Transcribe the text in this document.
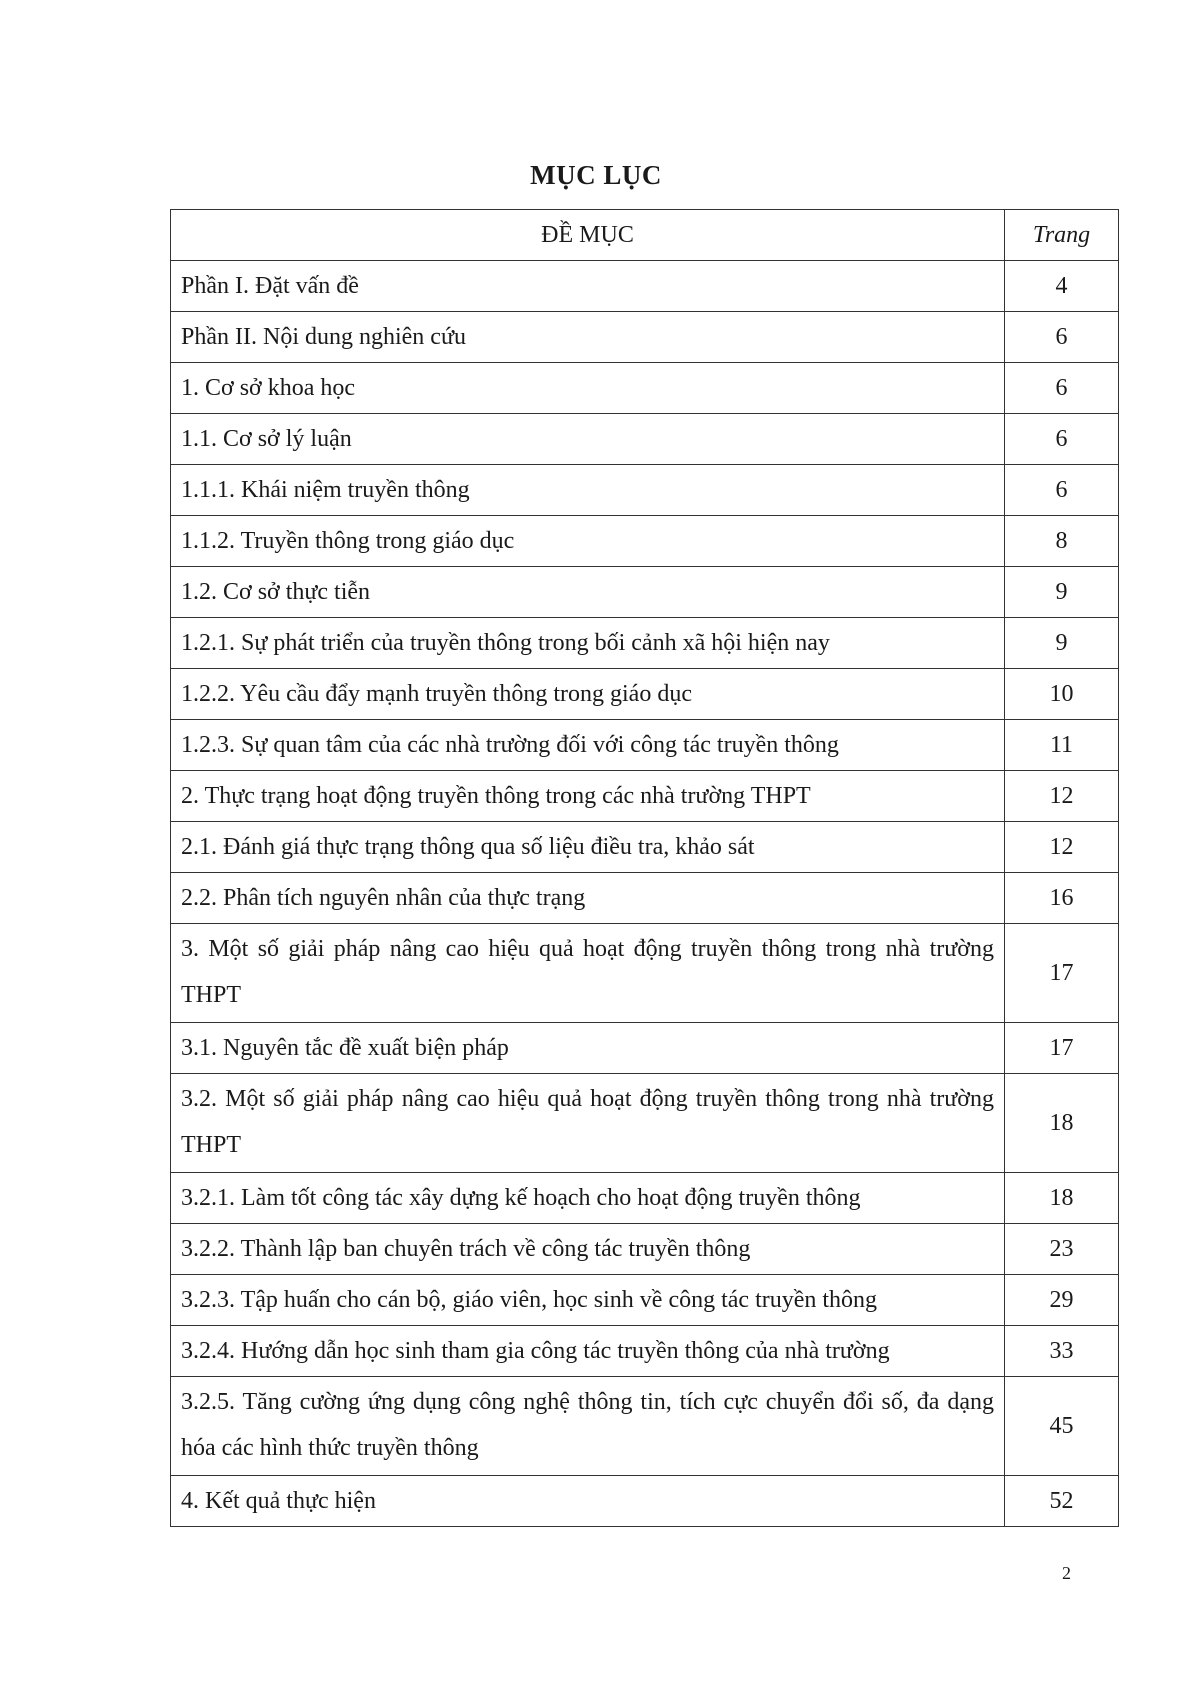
MỤC LỤC
ĐỀ MỤC	Trang
Phần I. Đặt vấn đề	4
Phần II. Nội dung nghiên cứu	6
1. Cơ sở khoa học	6
1.1. Cơ sở lý luận	6
1.1.1. Khái niệm truyền thông	6
1.1.2. Truyền thông trong giáo dục	8
1.2. Cơ sở thực tiễn	9
1.2.1. Sự phát triển của truyền thông trong bối cảnh xã hội hiện nay	9
1.2.2. Yêu cầu đẩy mạnh truyền thông trong giáo dục	10
1.2.3. Sự quan tâm của các nhà trường đối với công tác truyền thông	11
2. Thực trạng hoạt động truyền thông trong các nhà trường THPT	12
2.1. Đánh giá thực trạng thông qua số liệu điều tra, khảo sát	12
2.2. Phân tích nguyên nhân của thực trạng	16
3. Một số giải pháp nâng cao hiệu quả hoạt động truyền thông trong nhà trường THPT	17
3.1. Nguyên tắc đề xuất biện pháp	17
3.2. Một số giải pháp nâng cao hiệu quả hoạt động truyền thông trong nhà trường THPT	18
3.2.1. Làm tốt công tác xây dựng kế hoạch cho hoạt động truyền thông	18
3.2.2. Thành lập ban chuyên trách về công tác truyền thông	23
3.2.3. Tập huấn cho cán bộ, giáo viên, học sinh về công tác truyền thông	29
3.2.4. Hướng dẫn học sinh tham gia công tác truyền thông của nhà trường	33
3.2.5. Tăng cường ứng dụng công nghệ thông tin, tích cực chuyển đổi số, đa dạng hóa các hình thức truyền thông	45
4. Kết quả thực hiện	52
2
